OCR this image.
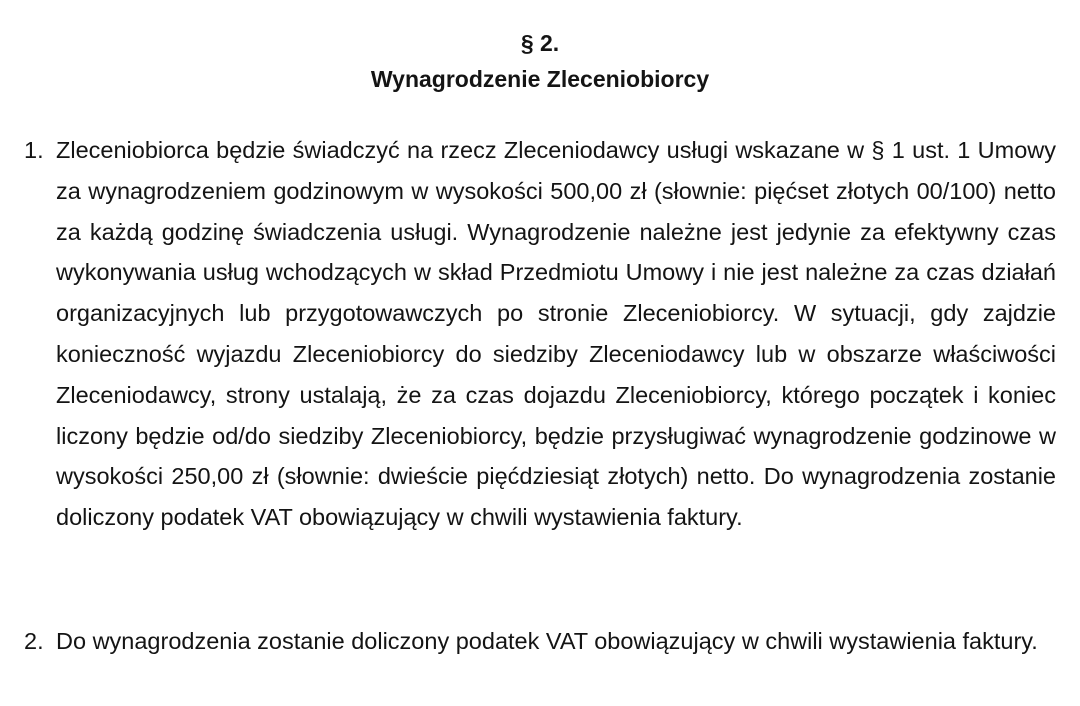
§ 2.
Wynagrodzenie Zleceniobiorcy
1. Zleceniobiorca będzie świadczyć na rzecz Zleceniodawcy usługi wskazane w § 1 ust. 1 Umowy za wynagrodzeniem godzinowym w wysokości 500,00 zł (słownie: pięćset złotych 00/100) netto za każdą godzinę świadczenia usługi. Wynagrodzenie należne jest jedynie za efektywny czas wykonywania usług wchodzących w skład Przedmiotu Umowy i nie jest należne za czas działań organizacyjnych lub przygotowawczych po stronie Zleceniobiorcy. W sytuacji, gdy zajdzie konieczność wyjazdu Zleceniobiorcy do siedziby Zleceniodawcy lub w obszarze właściwości Zleceniodawcy, strony ustalają, że za czas dojazdu Zleceniobiorcy, którego początek i koniec liczony będzie od/do siedziby Zleceniobiorcy, będzie przysługiwać wynagrodzenie godzinowe w wysokości 250,00 zł (słownie: dwieście pięćdziesiąt złotych) netto. Do wynagrodzenia zostanie doliczony podatek VAT obowiązujący w chwili wystawienia faktury.
2. Do wynagrodzenia zostanie doliczony podatek VAT obowiązujący w chwili wystawienia faktury.
